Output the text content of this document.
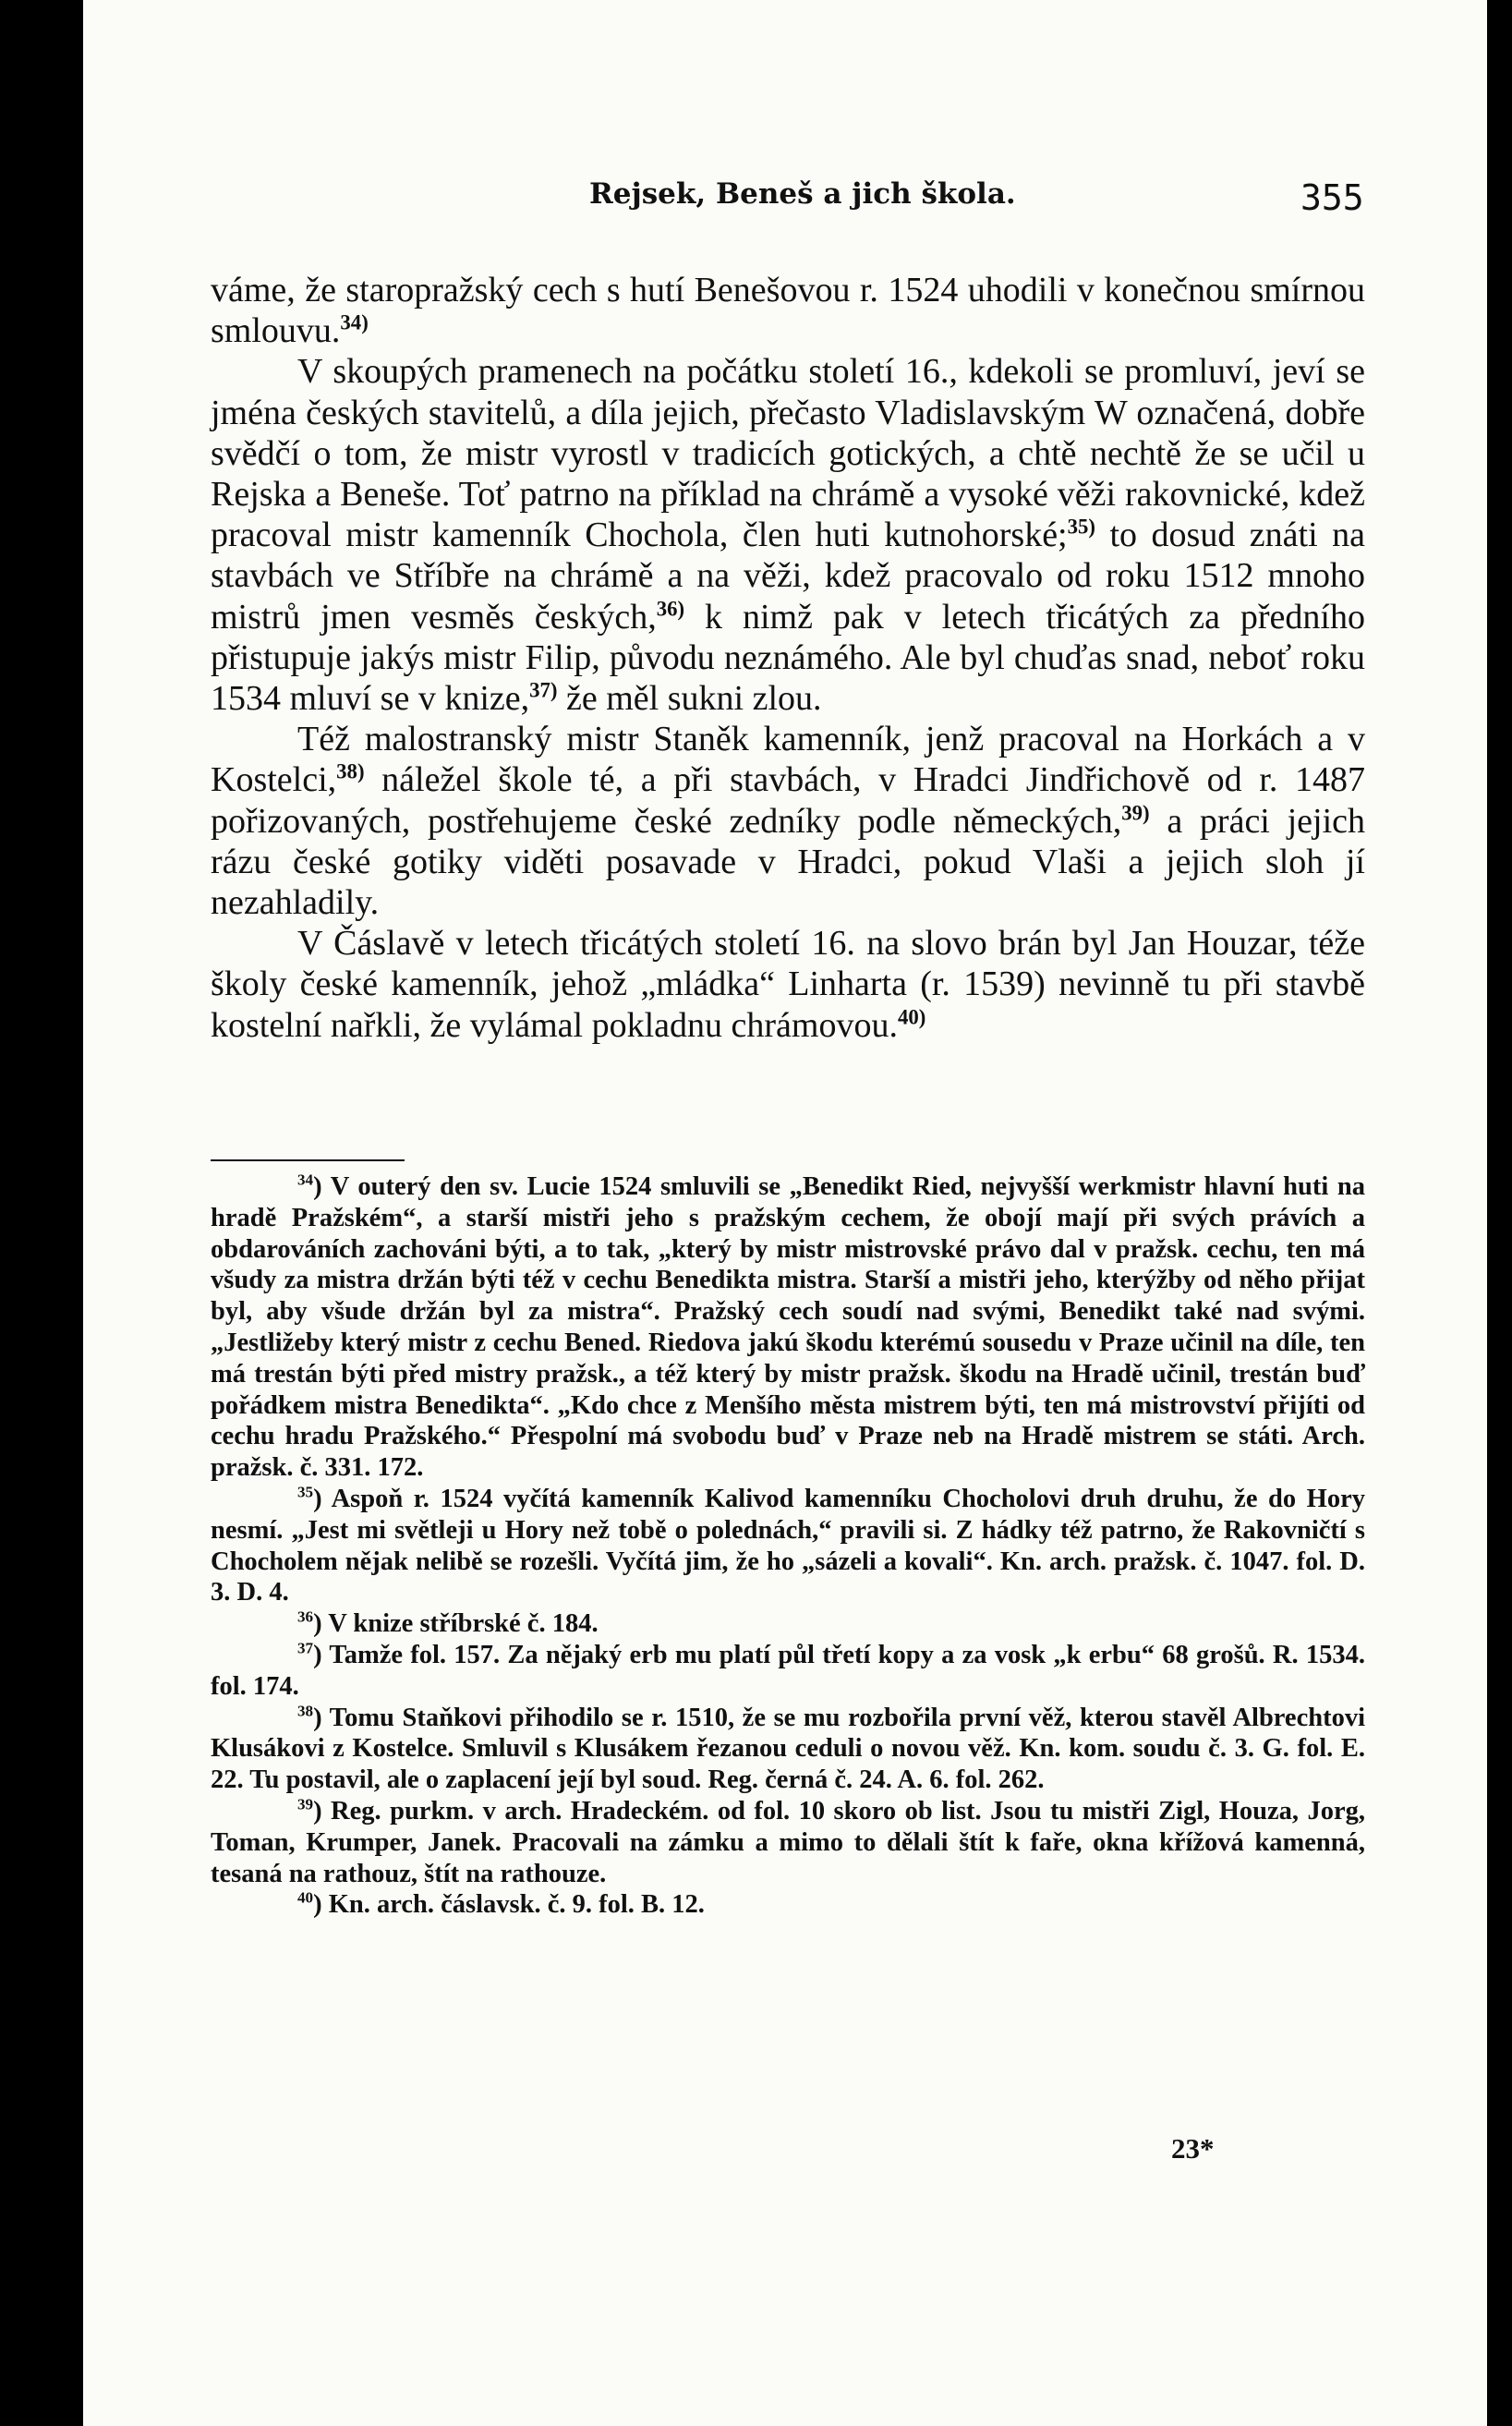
Rejsek, Beneš a jich škola.	355

váme, že staropražský cech s hutí Benešovou r. 1524 uhodili v konečnou smírnou smlouvu.$^{34)}$

V skoupých pramenech na počátku století 16., kdekoli se promluví, jeví se jména českých stavitelů, a díla jejich, přečasto Vladislavským W označená, dobře svědčí o tom, že mistr vyrostl v tradicích gotických, a chtě nechtě že se učil u Rejska a Beneše. Toť patrno na příklad na chrámě a vysoké věži rakovnické, kdež pracoval mistr kamenník Chochola, člen huti kutnohorské;$^{35)}$ to dosud znáti na stavbách ve Stříbře na chrámě a na věži, kdež pracovalo od roku 1512 mnoho mistrů jmen vesměs českých,$^{36)}$ k nimž pak v letech třicátých za předního přistupuje jakýs mistr Filip, původu neznámého. Ale byl chuďas snad, neboť roku 1534 mluví se v knize,$^{37)}$ že měl sukni zlou.

Též malostranský mistr Staněk kamenník, jenž pracoval na Horkách a v Kostelci,$^{38)}$ náležel škole té, a při stavbách, v Hradci Jindřichově od r. 1487 pořizovaných, postřehujeme české zedníky podle německých,$^{39)}$ a práci jejich rázu české gotiky viděti posavade v Hradci, pokud Vlaši a jejich sloh jí nezahladily.

V Čáslavě v letech třicátých století 16. na slovo brán byl Jan Houzar, téže školy české kamenník, jehož „mládka“ Linharta (r. 1539) nevinně tu při stavbě kostelní nařkli, že vylámal pokladnu chrámovou.$^{40)}$

$^{34}$) V outerý den sv. Lucie 1524 smluvili se „Benedikt Ried, nejvyšší werkmistr hlavní huti na hradě Pražském“, a starší mistři jeho s pražským cechem, že obojí mají při svých právích a obdarováních zachováni býti, a to tak, „který by mistr mistrovské právo dal v pražsk. cechu, ten má všudy za mistra držán býti též v cechu Benedikta mistra. Starší a mistři jeho, kterýžby od něho přijat byl, aby všude držán byl za mistra“. Pražský cech soudí nad svými, Benedikt také nad svými. „Jestližeby který mistr z cechu Bened. Riedova jakú škodu kterémú sousedu v Praze učinil na díle, ten má trestán býti před mistry pražsk., a též který by mistr pražsk. škodu na Hradě učinil, trestán buď pořádkem mistra Benedikta“. „Kdo chce z Menšího města mistrem býti, ten má mistrovství přijíti od cechu hradu Pražského.“ Přespolní má svobodu buď v Praze neb na Hradě mistrem se státi. Arch. pražsk. č. 331. 172.

$^{35}$) Aspoň r. 1524 vyčítá kamenník Kalivod kamenníku Chocholovi druh druhu, že do Hory nesmí. „Jest mi světleji u Hory než tobě o polednách,“ pravili si. Z hádky též patrno, že Rakovničtí s Chocholem nějak nelibě se rozešli. Vyčítá jim, že ho „sázeli a kovali“. Kn. arch. pražsk. č. 1047. fol. D. 3. D. 4.

$^{36}$) V knize stříbrské č. 184.

$^{37}$) Tamže fol. 157. Za nějaký erb mu platí půl třetí kopy a za vosk „k erbu“ 68 grošů. R. 1534. fol. 174.

$^{38}$) Tomu Staňkovi přihodilo se r. 1510, že se mu rozbořila první věž, kterou stavěl Albrechtovi Klusákovi z Kostelce. Smluvil s Klusákem řezanou ceduli o novou věž. Kn. kom. soudu č. 3. G. fol. E. 22. Tu postavil, ale o zaplacení její byl soud. Reg. černá č. 24. A. 6. fol. 262.

$^{39}$) Reg. purkm. v arch. Hradeckém. od fol. 10 skoro ob list. Jsou tu mistři Zigl, Houza, Jorg, Toman, Krumper, Janek. Pracovali na zámku a mimo to dělali štít k faře, okna křížová kamenná, tesaná na rathouz, štít na rathouze.

$^{40}$) Kn. arch. čáslavsk. č. 9. fol. B. 12.

23*
